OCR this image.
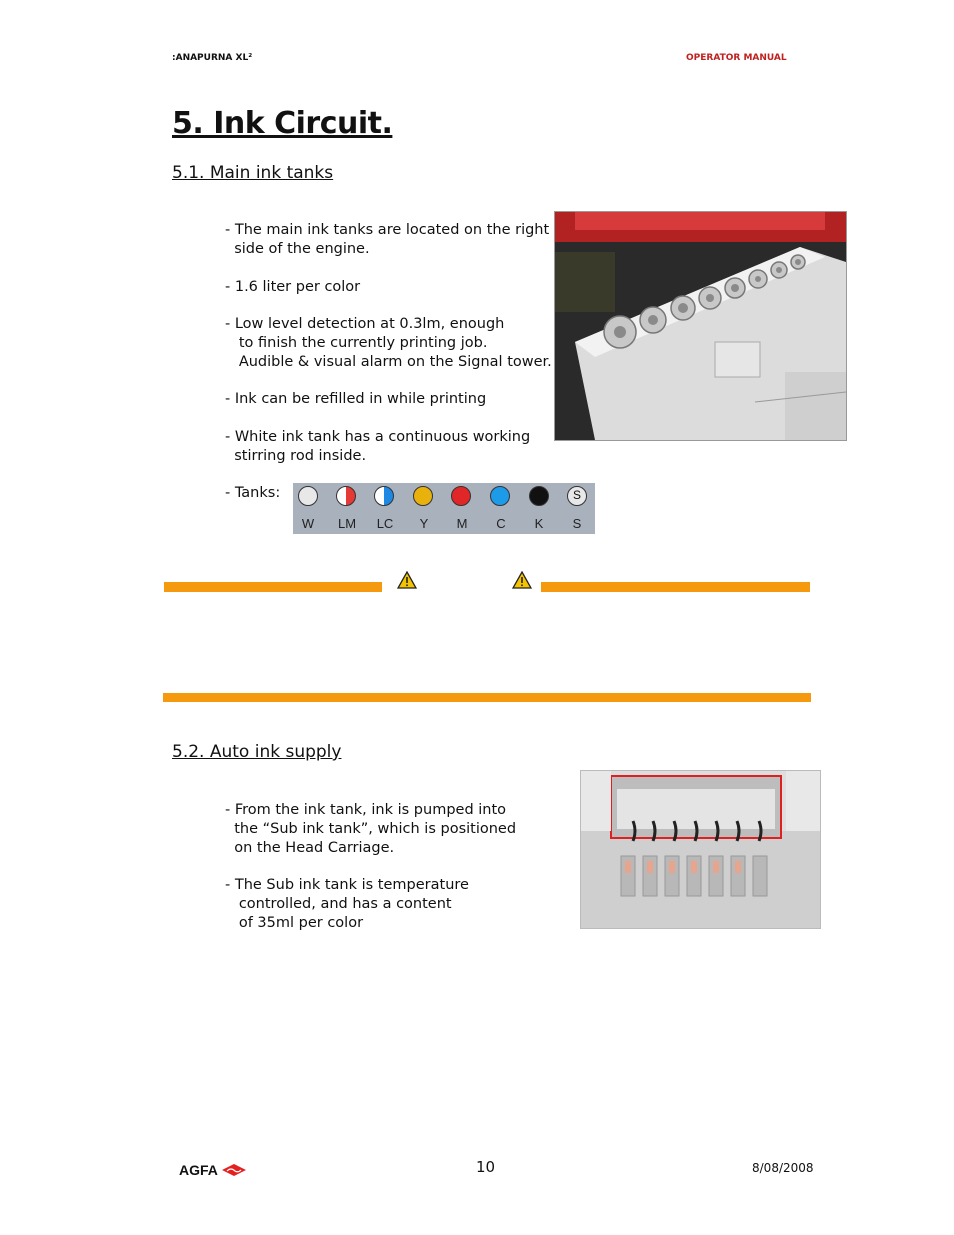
:ANAPURNA XL²	OPERATOR MANUAL
5. Ink Circuit.
5.1. Main ink tanks
- The main ink tanks are located on the right
side of the engine.
- 1.6 liter per color
- Low level detection at 0.3lm, enough
to finish the currently printing job.
Audible & visual alarm on the Signal tower.
- Ink can be refilled in while printing
- White ink tank has a continuous working
stirring rod inside.
- Tanks:	S
W	LM	LC	Y	M	C	K	S
5.2. Auto ink supply
- From the ink tank, ink is pumped into
the “Sub ink tank”, which is positioned
on the Head Carriage.
- The Sub ink tank is temperature
controlled, and has a content
of 35ml per color
AGFA	10	8/08/2008
